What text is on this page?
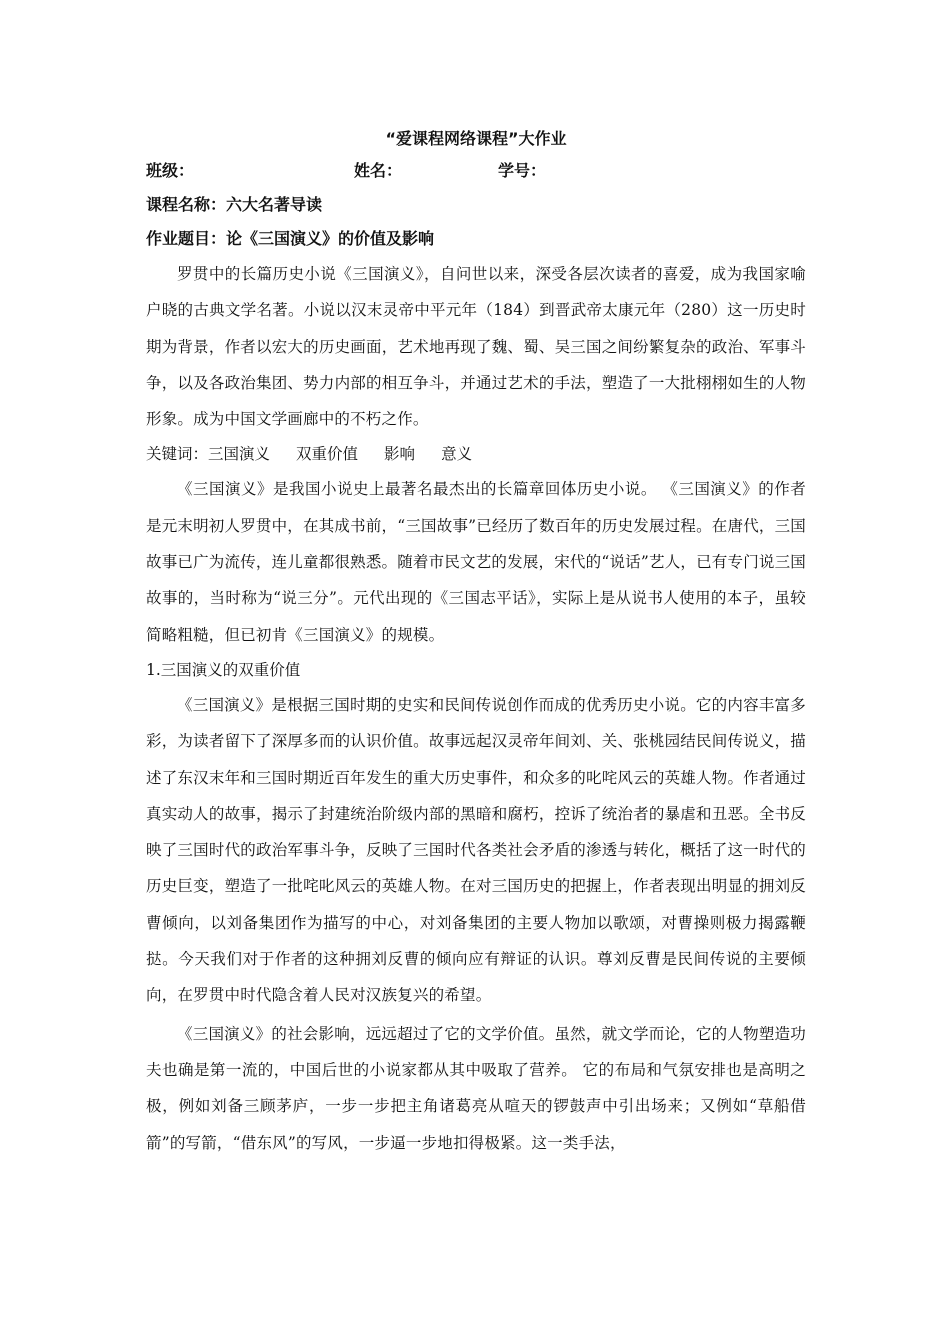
“爱课程网络课程”大作业
班级：	姓名：	学号：
课程名称：六大名著导读
作业题目：论《三国演义》的价值及影响

罗贯中的长篇历史小说《三国演义》，自问世以来，深受各层次读者的喜爱，成为我国家喻户晓的古典文学名著。小说以汉末灵帝中平元年（184）到晋武帝太康元年（280）这一历史时期为背景，作者以宏大的历史画面，艺术地再现了魏、蜀、吴三国之间纷繁复杂的政治、军事斗争，以及各政治集团、势力内部的相互争斗，并通过艺术的手法，塑造了一大批栩栩如生的人物形象。成为中国文学画廊中的不朽之作。

关键词：三国演义 双重价值 影响 意义

《三国演义》是我国小说史上最著名最杰出的长篇章回体历史小说。 《三国演义》的作者是元末明初人罗贯中，在其成书前，“三国故事”已经历了数百年的历史发展过程。在唐代，三国故事已广为流传，连儿童都很熟悉。随着市民文艺的发展，宋代的“说话”艺人，已有专门说三国故事的，当时称为“说三分”。元代出现的《三国志平话》，实际上是从说书人使用的本子，虽较简略粗糙，但已初肯《三国演义》的规模。

1.三国演义的双重价值

《三国演义》是根据三国时期的史实和民间传说创作而成的优秀历史小说。它的内容丰富多彩，为读者留下了深厚多而的认识价值。故事远起汉灵帝年间刘、关、张桃园结民间传说义，描述了东汉末年和三国时期近百年发生的重大历史事件，和众多的叱咤风云的英雄人物。作者通过真实动人的故事，揭示了封建统治阶级内部的黑暗和腐朽，控诉了统治者的暴虐和丑恶。全书反映了三国时代的政治军事斗争，反映了三国时代各类社会矛盾的渗透与转化，概括了这一时代的历史巨变，塑造了一批咤叱风云的英雄人物。在对三国历史的把握上，作者表现出明显的拥刘反曹倾向，以刘备集团作为描写的中心，对刘备集团的主要人物加以歌颂，对曹操则极力揭露鞭挞。今天我们对于作者的这种拥刘反曹的倾向应有辩证的认识。尊刘反曹是民间传说的主要倾向，在罗贯中时代隐含着人民对汉族复兴的希望。

《三国演义》的社会影响，远远超过了它的文学价值。虽然，就文学而论，它的人物塑造功夫也确是第一流的，中国后世的小说家都从其中吸取了营养。 它的布局和气氛安排也是高明之极，例如刘备三顾茅庐，一步一步把主角诸葛亮从喧天的锣鼓声中引出场来；又例如“草船借箭”的写箭，“借东风”的写风，一步逼一步地扣得极紧。这一类手法，
